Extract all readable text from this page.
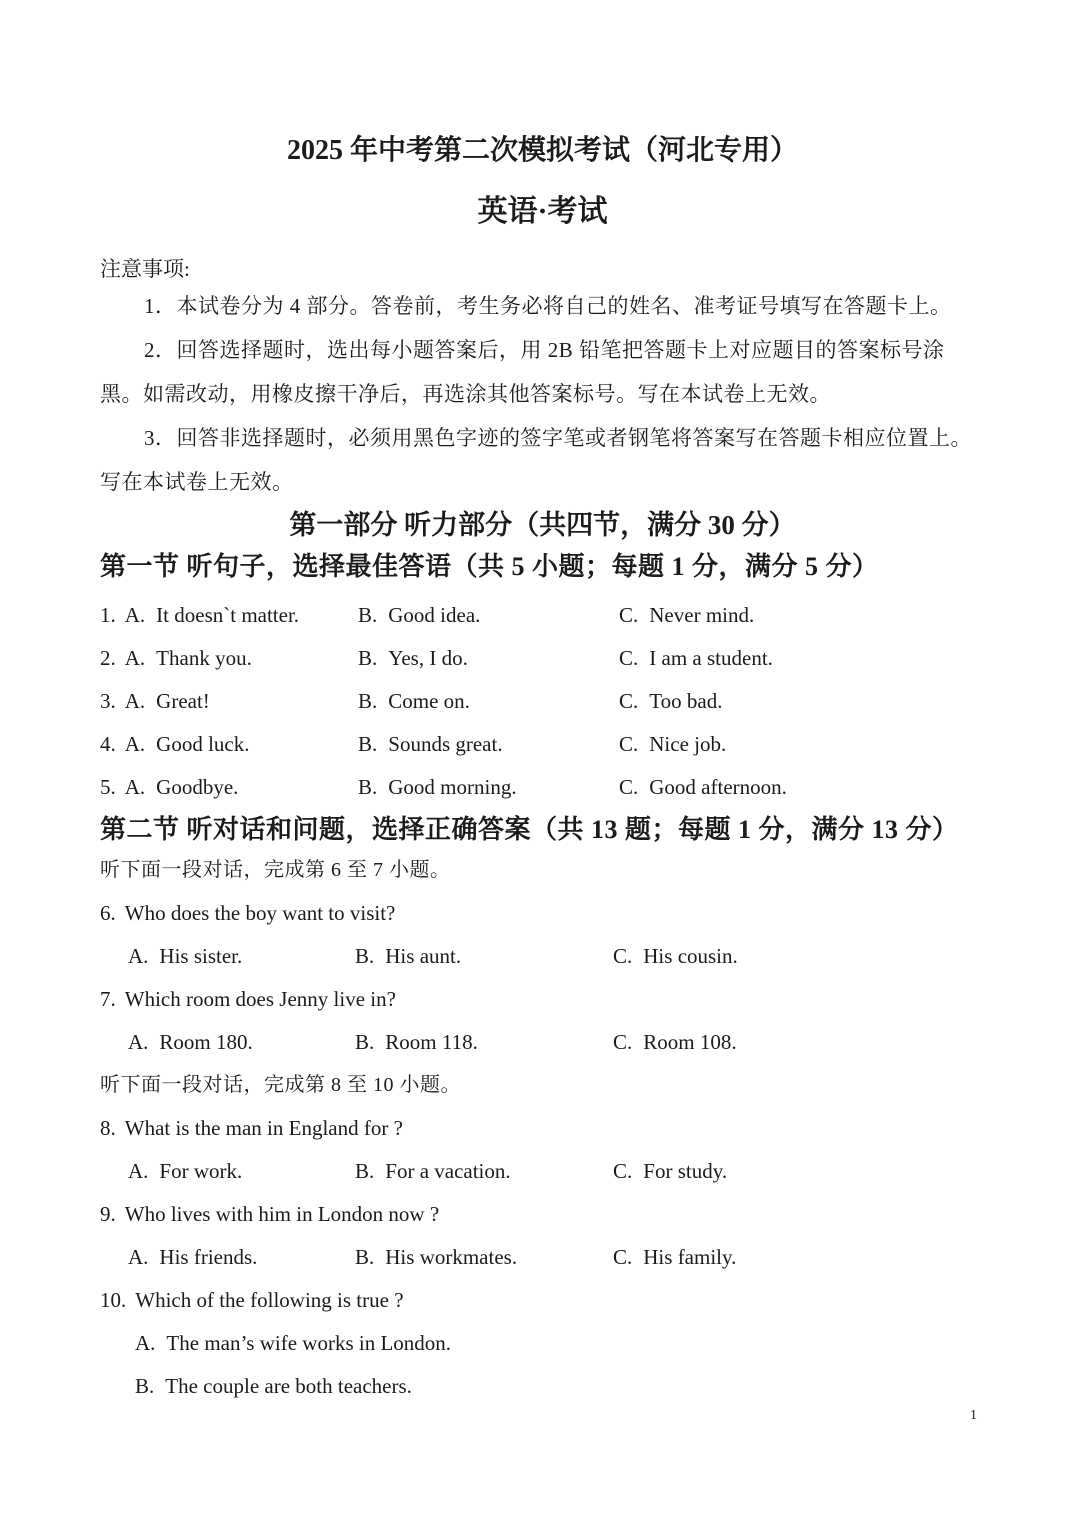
2025 年中考第二次模拟考试（河北专用）
英语·考试
注意事项:

1．本试卷分为 4 部分。答卷前，考生务必将自己的姓名、准考证号填写在答题卡上。

2．回答选择题时，选出每小题答案后，用 2B 铅笔把答题卡上对应题目的答案标号涂黑。如需改动，用橡皮擦干净后，再选涂其他答案标号。写在本试卷上无效。

3．回答非选择题时，必须用黑色字迹的签字笔或者钢笔将答案写在答题卡相应位置上。写在本试卷上无效。

第一部分 听力部分（共四节，满分 30 分）
第一节 听句子，选择最佳答语（共 5 小题；每题 1 分，满分 5 分）
1. A. It doesn`t matter.	B. Good idea.	C. Never mind.
2. A. Thank you.	B. Yes, I do.	C. I am a student.
3. A. Great!	B. Come on.	C. Too bad.
4. A. Good luck.	B. Sounds great.	C. Nice job.
5. A. Goodbye.	B. Good morning.	C. Good afternoon.
第二节 听对话和问题，选择正确答案（共 13 题；每题 1 分，满分 13 分）
听下面一段对话，完成第 6 至 7 小题。
6. Who does the boy want to visit?
A. His sister.	B. His aunt.	C. His cousin.
7. Which room does Jenny live in?
A. Room 180.	B. Room 118.	C. Room 108.
听下面一段对话，完成第 8 至 10 小题。
8. What is the man in England for ?
A. For work.	B. For a vacation.	C. For study.
9. Who lives with him in London now ?
A. His friends.	B. His workmates.	C. His family.
10. Which of the following is true ?
A. The man’s wife works in London.
B. The couple are both teachers.
1
